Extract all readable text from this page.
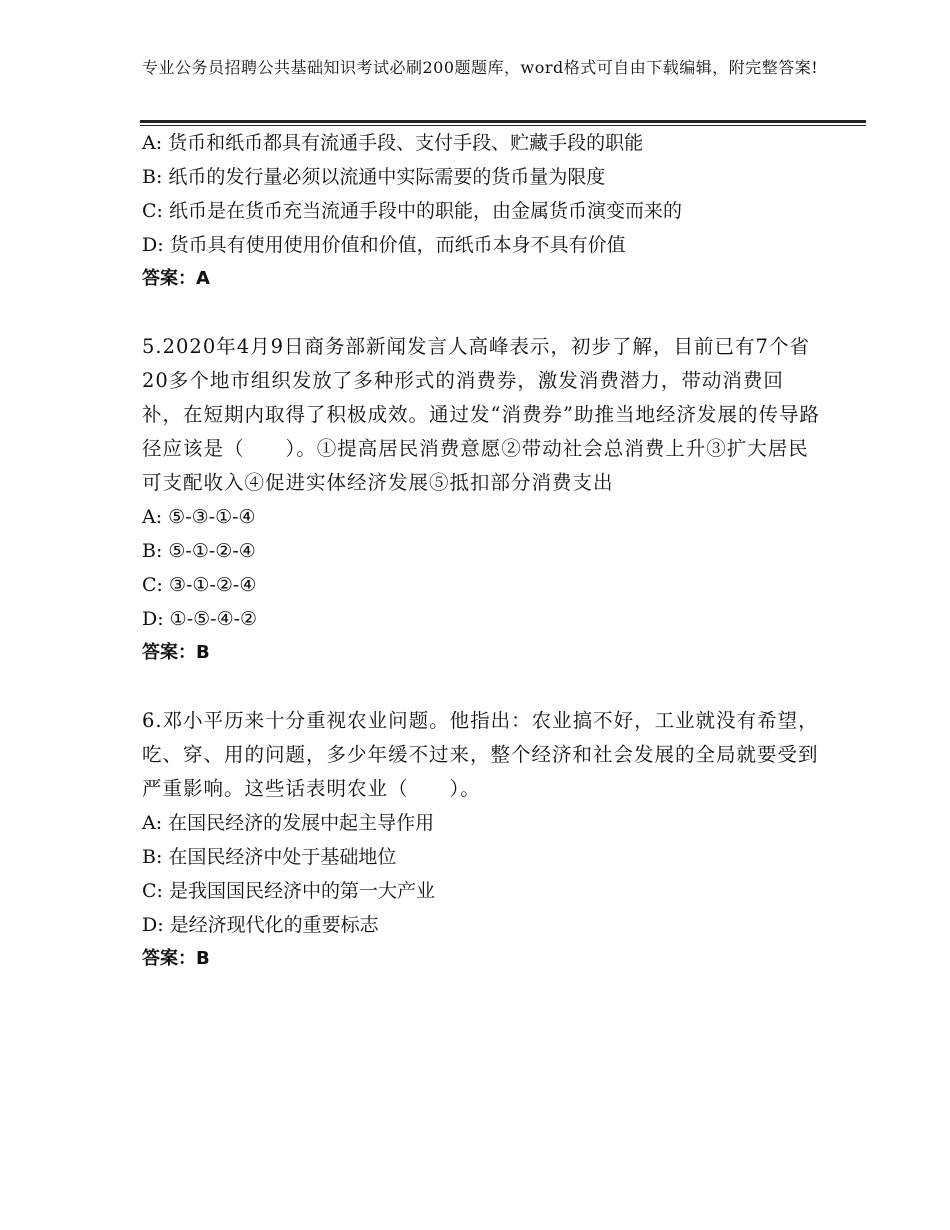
专业公务员招聘公共基础知识考试必刷200题题库，word格式可自由下载编辑，附完整答案!
A: 货币和纸币都具有流通手段、支付手段、贮藏手段的职能
B: 纸币的发行量必须以流通中实际需要的货币量为限度
C: 纸币是在货币充当流通手段中的职能，由金属货币演变而来的
D: 货币具有使用使用价值和价值，而纸币本身不具有价值
答案：A
5.2020年4月9日商务部新闻发言人高峰表示，初步了解，目前已有7个省20多个地市组织发放了多种形式的消费券，激发消费潜力，带动消费回补，在短期内取得了积极成效。通过发“消费券”助推当地经济发展的传导路径应该是（　　）。①提高居民消费意愿②带动社会总消费上升③扩大居民可支配收入④促进实体经济发展⑤抵扣部分消费支出
A: ⑤-③-①-④
B: ⑤-①-②-④
C: ③-①-②-④
D: ①-⑤-④-②
答案：B
6.邓小平历来十分重视农业问题。他指出：农业搞不好，工业就没有希望，吃、穿、用的问题，多少年缓不过来，整个经济和社会发展的全局就要受到严重影响。这些话表明农业（　　）。
A: 在国民经济的发展中起主导作用
B: 在国民经济中处于基础地位
C: 是我国国民经济中的第一大产业
D: 是经济现代化的重要标志
答案：B
